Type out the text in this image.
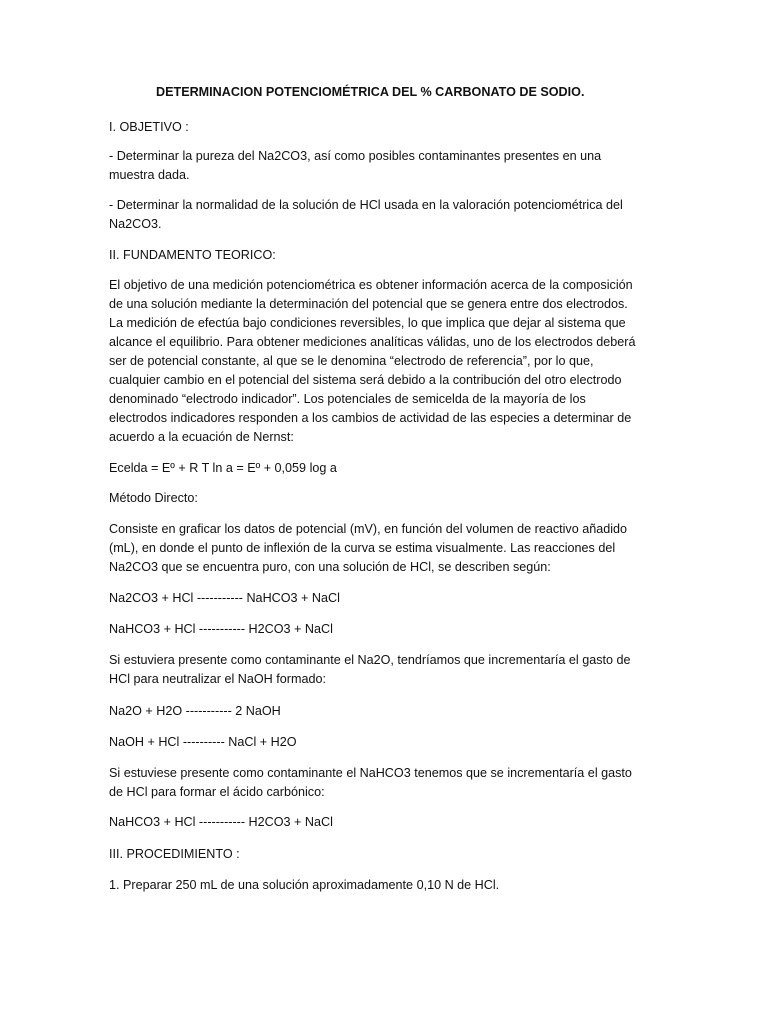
DETERMINACION POTENCIOMÉTRICA DEL % CARBONATO DE SODIO.
I. OBJETIVO :
- Determinar la pureza del Na2CO3, así como posibles contaminantes presentes en una
muestra dada.
- Determinar la normalidad de la solución de HCl usada en la valoración potenciométrica del
Na2CO3.
II. FUNDAMENTO TEORICO:
El objetivo de una medición potenciométrica es obtener información acerca de la composición
de una solución mediante la determinación del potencial que se genera entre dos electrodos.
La medición de efectúa bajo condiciones reversibles, lo que implica que dejar al sistema que
alcance el equilibrio. Para obtener mediciones analíticas válidas, uno de los electrodos deberá
ser de potencial constante, al que se le denomina “electrodo de referencia”, por lo que,
cualquier cambio en el potencial del sistema será debido a la contribución del otro electrodo
denominado “electrodo indicador”. Los potenciales de semicelda de la mayoría de los
electrodos indicadores responden a los cambios de actividad de las especies a determinar de
acuerdo a la ecuación de Nernst:
Ecelda = Eº + R T ln a = Eº + 0,059 log a
Método Directo:
Consiste en graficar los datos de potencial (mV), en función del volumen de reactivo añadido
(mL), en donde el punto de inflexión de la curva se estima visualmente. Las reacciones del
Na2CO3 que se encuentra puro, con una solución de HCl, se describen según:
Na2CO3 + HCl ----------- NaHCO3 + NaCl
NaHCO3 + HCl ----------- H2CO3 + NaCl
Si estuviera presente como contaminante el Na2O, tendríamos que incrementaría el gasto de
HCl para neutralizar el NaOH formado:
Na2O + H2O ----------- 2 NaOH
NaOH + HCl ---------- NaCl + H2O
Si estuviese presente como contaminante el NaHCO3 tenemos que se incrementaría el gasto
de HCl para formar el ácido carbónico:
NaHCO3 + HCl ----------- H2CO3 + NaCl
III. PROCEDIMIENTO :
1. Preparar 250 mL de una solución aproximadamente 0,10 N de HCl.
